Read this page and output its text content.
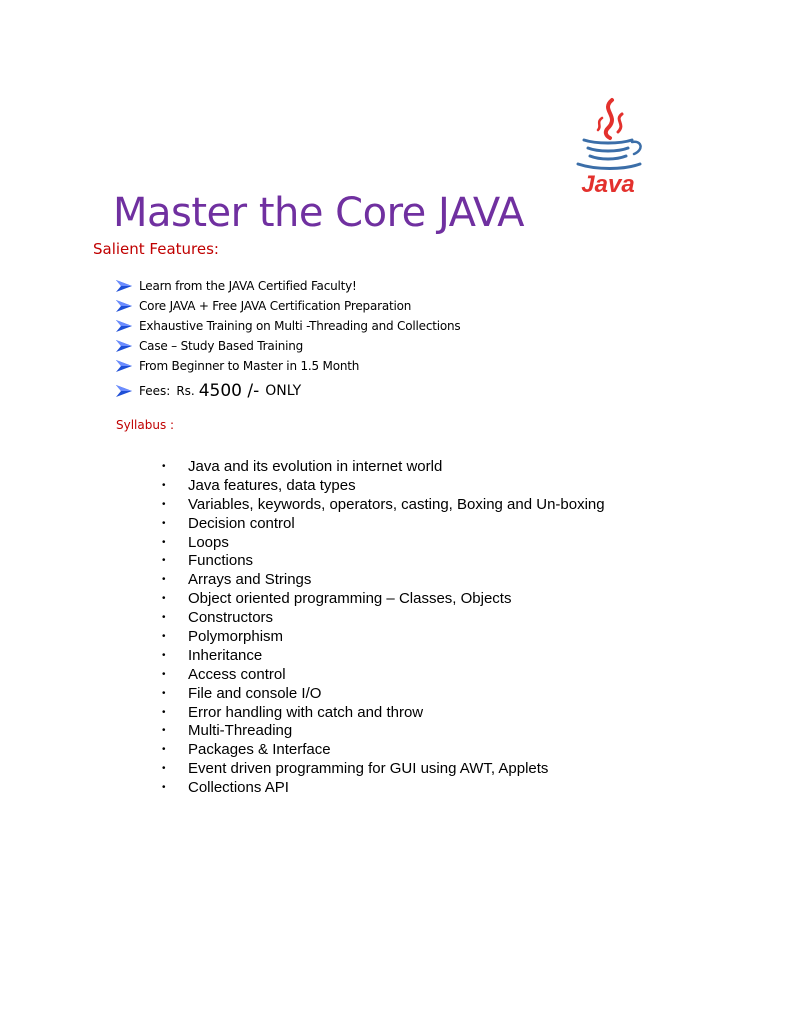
Master the Core JAVA
Java
Salient Features:
Learn from the JAVA Certified Faculty!
Core JAVA + Free JAVA Certification Preparation
Exhaustive Training on Multi -Threading and Collections
Case – Study Based Training
From Beginner to Master in 1.5 Month
Fees: Rs. 4500 /- ONLY
Syllabus :
•	Java and its evolution in internet world
•	Java features, data types
•	Variables, keywords, operators, casting, Boxing and Un-boxing
•	Decision control
•	Loops
•	Functions
•	Arrays and Strings
•	Object oriented programming – Classes, Objects
•	Constructors
•	Polymorphism
•	Inheritance
•	Access control
•	File and console I/O
•	Error handling with catch and throw
•	Multi-Threading
•	Packages & Interface
•	Event driven programming for GUI using AWT, Applets
•	Collections API
